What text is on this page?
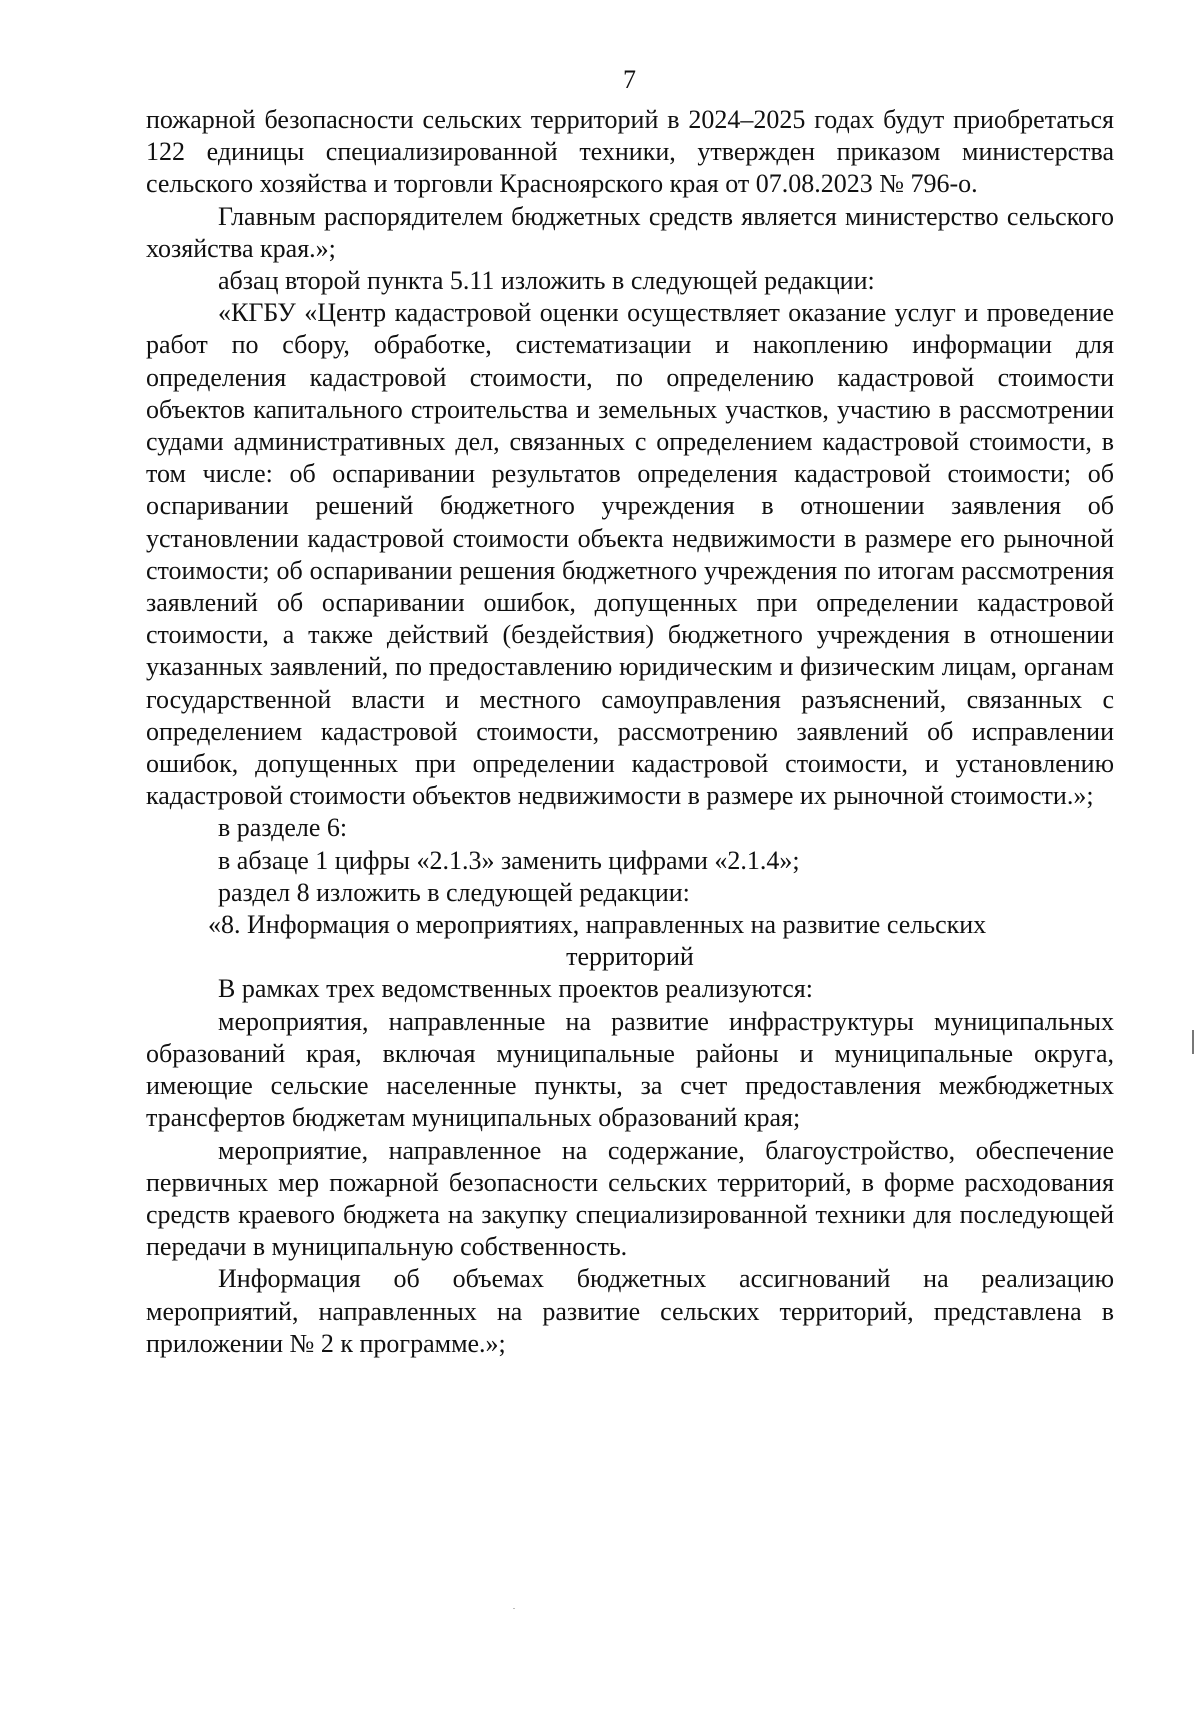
7

пожарной безопасности сельских территорий в 2024–2025 годах будут приобретаться 122 единицы специализированной техники, утвержден приказом министерства сельского хозяйства и торговли Красноярского края от 07.08.2023 № 796-о.

Главным распорядителем бюджетных средств является министерство сельского хозяйства края.»;

абзац второй пункта 5.11 изложить в следующей редакции:

«КГБУ «Центр кадастровой оценки осуществляет оказание услуг и проведение работ по сбору, обработке, систематизации и накоплению информации для определения кадастровой стоимости, по определению кадастровой стоимости объектов капитального строительства и земельных участков, участию в рассмотрении судами административных дел, связанных с определением кадастровой стоимости, в том числе: об оспаривании результатов определения кадастровой стоимости; об оспаривании решений бюджетного учреждения в отношении заявления об установлении кадастровой стоимости объекта недвижимости в размере его рыночной стоимости; об оспаривании решения бюджетного учреждения по итогам рассмотрения заявлений об оспаривании ошибок, допущенных при определении кадастровой стоимости, а также действий (бездействия) бюджетного учреждения в отношении указанных заявлений, по предоставлению юридическим и физическим лицам, органам государственной власти и местного самоуправления разъяснений, связанных с определением кадастровой стоимости, рассмотрению заявлений об исправлении ошибок, допущенных при определении кадастровой стоимости, и установлению кадастровой стоимости объектов недвижимости в размере их рыночной стоимости.»;

в разделе 6:

в абзаце 1 цифры «2.1.3» заменить цифрами «2.1.4»;

раздел 8 изложить в следующей редакции:

«8. Информация о мероприятиях, направленных на развитие сельских

территорий

В рамках трех ведомственных проектов реализуются:

мероприятия, направленные на развитие инфраструктуры муниципальных образований края, включая муниципальные районы и муниципальные округа, имеющие сельские населенные пункты, за счет предоставления межбюджетных трансфертов бюджетам муниципальных образований края;

мероприятие, направленное на содержание, благоустройство, обеспечение первичных мер пожарной безопасности сельских территорий, в форме расходования средств краевого бюджета на закупку специализированной техники для последующей передачи в муниципальную собственность.

Информация об объемах бюджетных ассигнований на реализацию мероприятий, направленных на развитие сельских территорий, представлена в приложении № 2 к программе.»;
